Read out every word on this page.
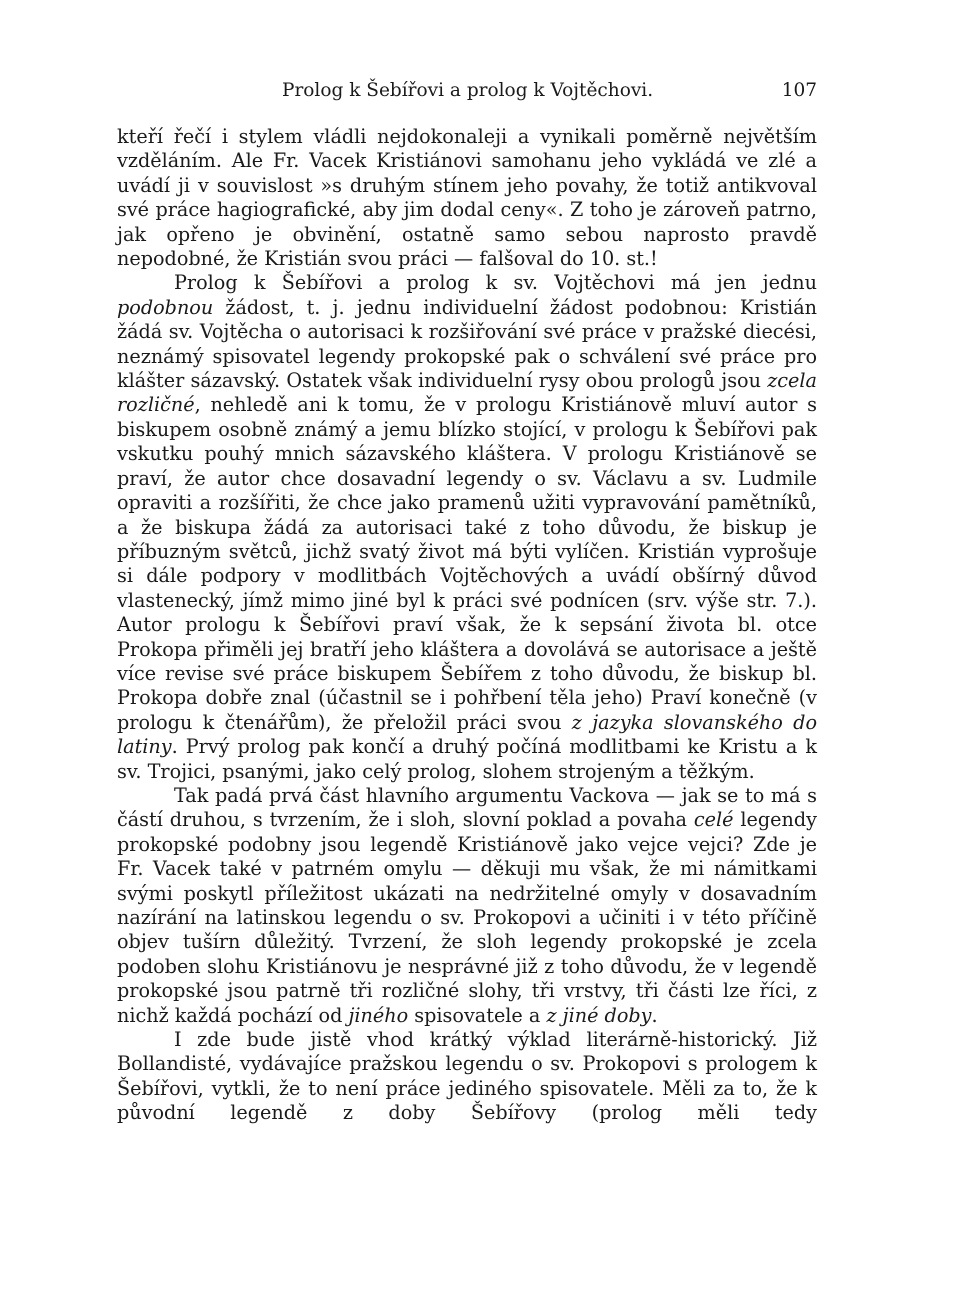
Prolog k Šebířovi a prolog k Vojtěchovi.	107

kteří řečí i stylem vládli nejdokonaleji a vynikali poměrně největším vzděláním. Ale Fr. Vacek Kristiánovi samohanu jeho vykládá ve zlé a uvádí ji v souvislost »s druhým stínem jeho povahy, že totiž antikvoval své práce hagiografické, aby jim dodal ceny«. Z toho je zároveň patrno, jak opřeno je obvinění, ostatně samo sebou naprosto pravdě nepodobné, že Kristián svou práci — falšoval do 10. st.!

Prolog k Šebířovi a prolog k sv. Vojtěchovi má jen jednu podobnou žádost, t. j. jednu individuelní žádost podobnou: Kristián žádá sv. Vojtěcha o autorisaci k rozšiřování své práce v pražské diecési, neznámý spisovatel legendy prokopské pak o schválení své práce pro klášter sázavský. Ostatek však individuelní rysy obou prologů jsou zcela rozličné, nehledě ani k tomu, že v prologu Kristiánově mluví autor s biskupem osobně známý a jemu blízko stojící, v prologu k Šebířovi pak vskutku pouhý mnich sázavského kláštera. V prologu Kristiánově se praví, že autor chce dosavadní legendy o sv. Václavu a sv. Ludmile opraviti a rozšířiti, že chce jako pramenů užiti vypravování pamětníků, a že biskupa žádá za autorisaci také z toho důvodu, že biskup je příbuzným světců, jichž svatý život má býti vylíčen. Kristián vyprošuje si dále podpory v modlitbách Vojtěchových a uvádí obšírný důvod vlastenecký, jímž mimo jiné byl k práci své podnícen (srv. výše str. 7.). Autor prologu k Šebířovi praví však, že k sepsání života bl. otce Prokopa přiměli jej bratří jeho kláštera a dovolává se autorisace a ještě více revise své práce biskupem Šebířem z toho důvodu, že biskup bl. Prokopa dobře znal (účastnil se i pohřbení těla jeho) Praví konečně (v prologu k čtenářům), že přeložil práci svou z jazyka slovanského do latiny. Prvý prolog pak končí a druhý počíná modlitbami ke Kristu a k sv. Trojici, psanými, jako celý prolog, slohem strojeným a těžkým.

Tak padá prvá část hlavního argumentu Vackova — jak se to má s částí druhou, s tvrzením, že i sloh, slovní poklad a povaha celé legendy prokopské podobny jsou legendě Kristiánově jako vejce vejci? Zde je Fr. Vacek také v patrném omylu — děkuji mu však, že mi námitkami svými poskytl příležitost ukázati na nedržitelné omyly v dosavadním nazírání na latinskou legendu o sv. Prokopovi a učiniti i v této příčině objev tušírn důležitý. Tvrzení, že sloh legendy prokopské je zcela podoben slohu Kristiánovu je nesprávné již z toho důvodu, že v legendě prokopské jsou patrně tři rozličné slohy, tři vrstvy, tři části lze říci, z nichž každá pochází od jiného spisovatele a z jiné doby.

I zde bude jistě vhod krátký výklad literárně-historický. Již Bollandisté, vydávajíce pražskou legendu o sv. Prokopovi s prologem k Šebířovi, vytkli, že to není práce jediného spisovatele. Měli za to, že k původní legendě z doby Šebířovy (prolog měli tedy
